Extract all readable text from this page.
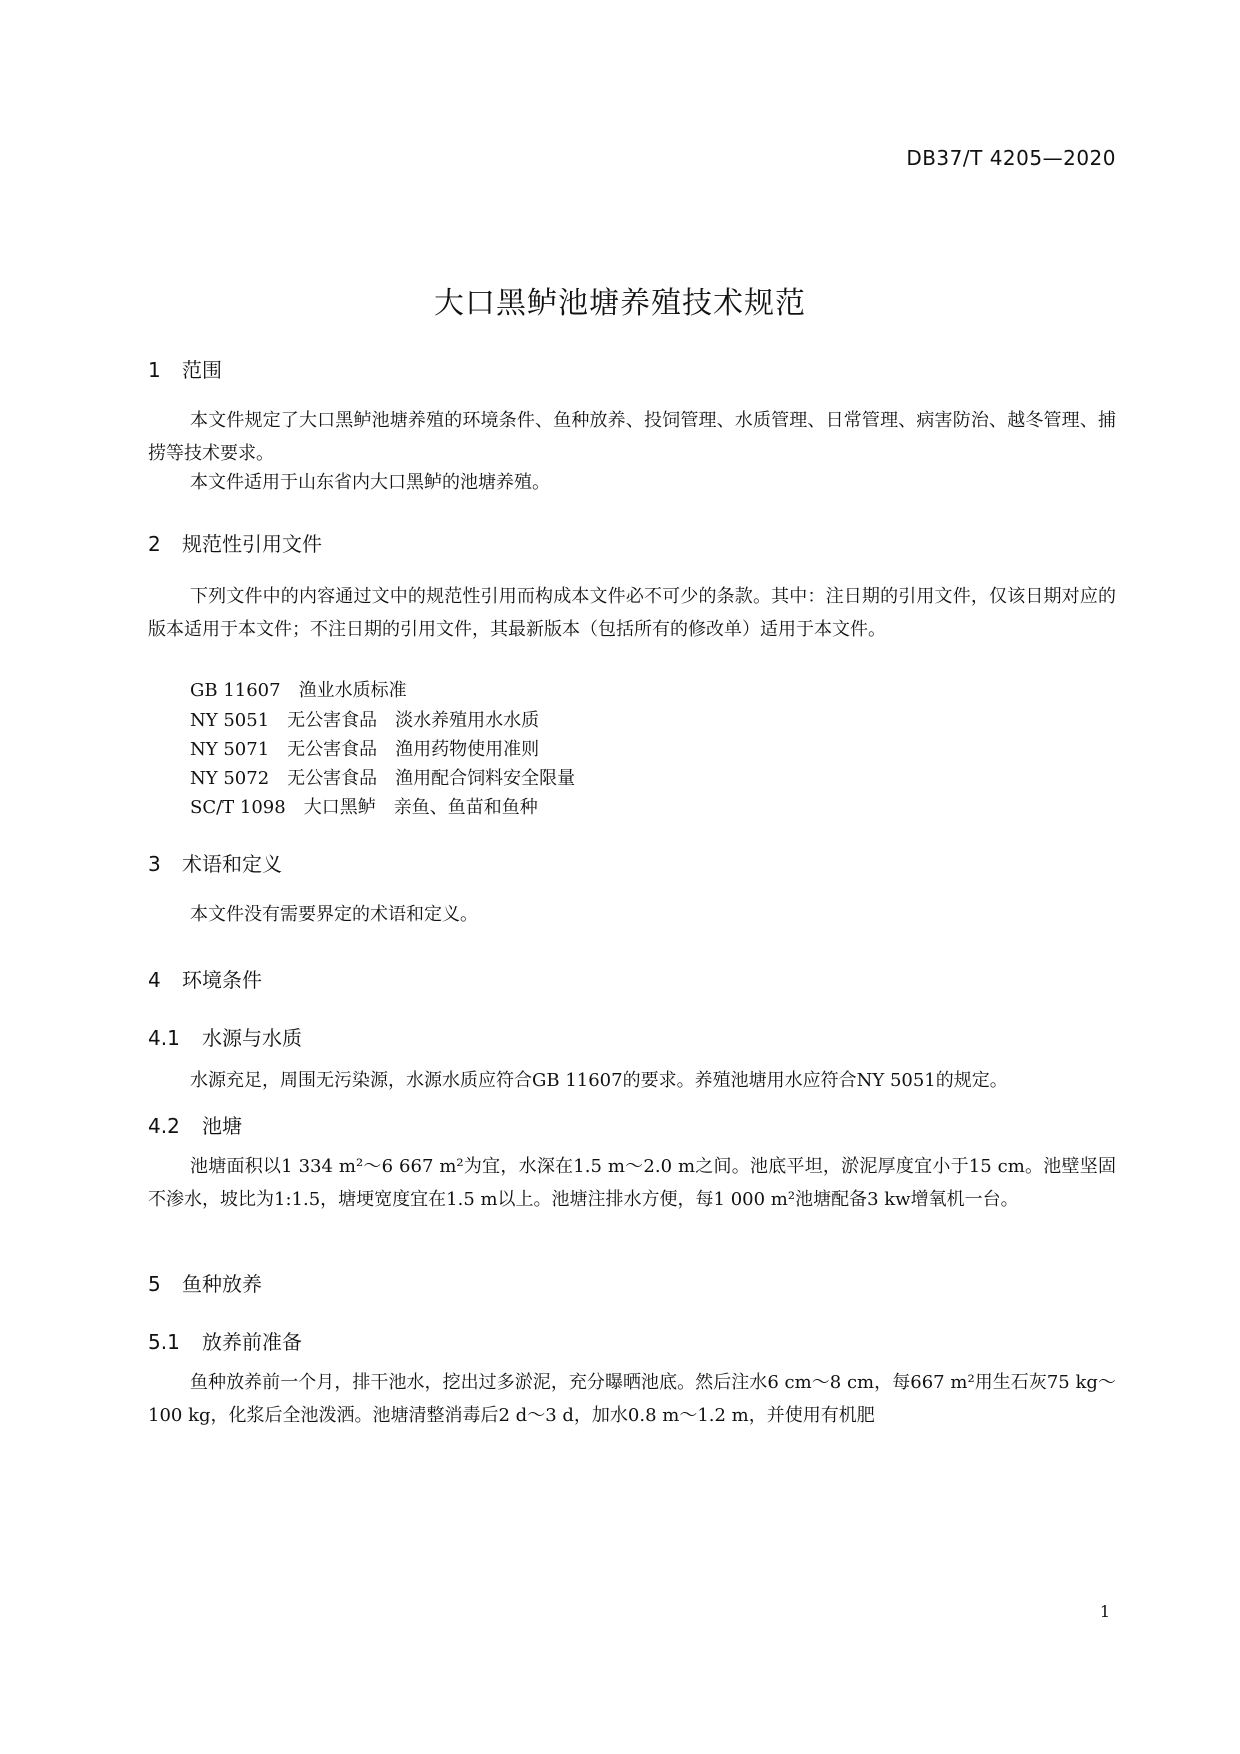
DB37/T 4205—2020
大口黑鲈池塘养殖技术规范
1 范围

本文件规定了大口黑鲈池塘养殖的环境条件、鱼种放养、投饲管理、水质管理、日常管理、病害防治、越冬管理、捕捞等技术要求。

本文件适用于山东省内大口黑鲈的池塘养殖。

2 规范性引用文件

下列文件中的内容通过文中的规范性引用而构成本文件必不可少的条款。其中：注日期的引用文件，仅该日期对应的版本适用于本文件；不注日期的引用文件，其最新版本（包括所有的修改单）适用于本文件。

GB 11607　渔业水质标准
NY 5051　无公害食品　淡水养殖用水水质
NY 5071　无公害食品　渔用药物使用准则
NY 5072　无公害食品　渔用配合饲料安全限量
SC/T 1098　大口黑鲈　亲鱼、鱼苗和鱼种
3 术语和定义

本文件没有需要界定的术语和定义。

4 环境条件
4.1 水源与水质

水源充足，周围无污染源，水源水质应符合GB 11607的要求。养殖池塘用水应符合NY 5051的规定。

4.2 池塘

池塘面积以1 334 m²～6 667 m²为宜，水深在1.5 m～2.0 m之间。池底平坦，淤泥厚度宜小于15 cm。池壁坚固不渗水，坡比为1:1.5，塘埂宽度宜在1.5 m以上。池塘注排水方便，每1 000 m²池塘配备3 kw增氧机一台。

5 鱼种放养
5.1 放养前准备

鱼种放养前一个月，排干池水，挖出过多淤泥，充分曝晒池底。然后注水6 cm～8 cm，每667 m²用生石灰75 kg～100 kg，化浆后全池泼洒。池塘清整消毒后2 d～3 d，加水0.8 m～1.2 m，并使用有机肥

1
